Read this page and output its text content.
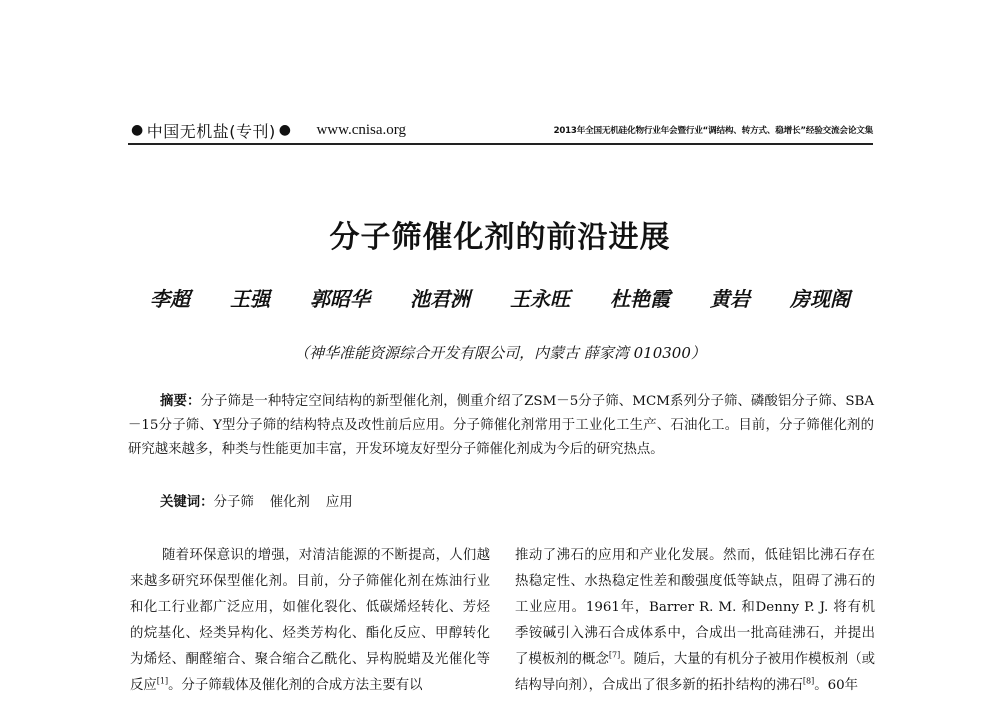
● 中国无机盐(专刊) ● www.cnisa.org	2013年全国无机硅化物行业年会暨行业“调结构、转方式、稳增长”经验交流会论文集
分子筛催化剂的前沿进展
李超 王强 郭昭华 池君洲 王永旺 杜艳霞 黄岩 房现阁
（神华准能资源综合开发有限公司，内蒙古 薛家湾 010300）
摘要：分子筛是一种特定空间结构的新型催化剂，侧重介绍了ZSM－5分子筛、MCM系列分子筛、磷酸铝分子筛、SBA－15分子筛、Y型分子筛的结构特点及改性前后应用。分子筛催化剂常用于工业化工生产、石油化工。目前，分子筛催化剂的研究越来越多，种类与性能更加丰富，开发环境友好型分子筛催化剂成为今后的研究热点。
关键词：分子筛 催化剂 应用
随着环保意识的增强，对清洁能源的不断提高，人们越来越多研究环保型催化剂。目前，分子筛催化剂在炼油行业和化工行业都广泛应用，如催化裂化、低碳烯烃转化、芳烃的烷基化、烃类异构化、烃类芳构化、酯化反应、甲醇转化为烯烃、酮醛缩合、聚合缩合乙酰化、异构脱蜡及光催化等反应[1]。分子筛载体及催化剂的合成方法主要有以
推动了沸石的应用和产业化发展。然而，低硅铝比沸石存在热稳定性、水热稳定性差和酸强度低等缺点，阻碍了沸石的工业应用。1961年，Barrer R. M. 和Denny P. J. 将有机季铵碱引入沸石合成体系中，合成出一批高硅沸石，并提出了模板剂的概念[7]。随后，大量的有机分子被用作模板剂（或结构导向剂），合成出了很多新的拓扑结构的沸石[8]。60年
